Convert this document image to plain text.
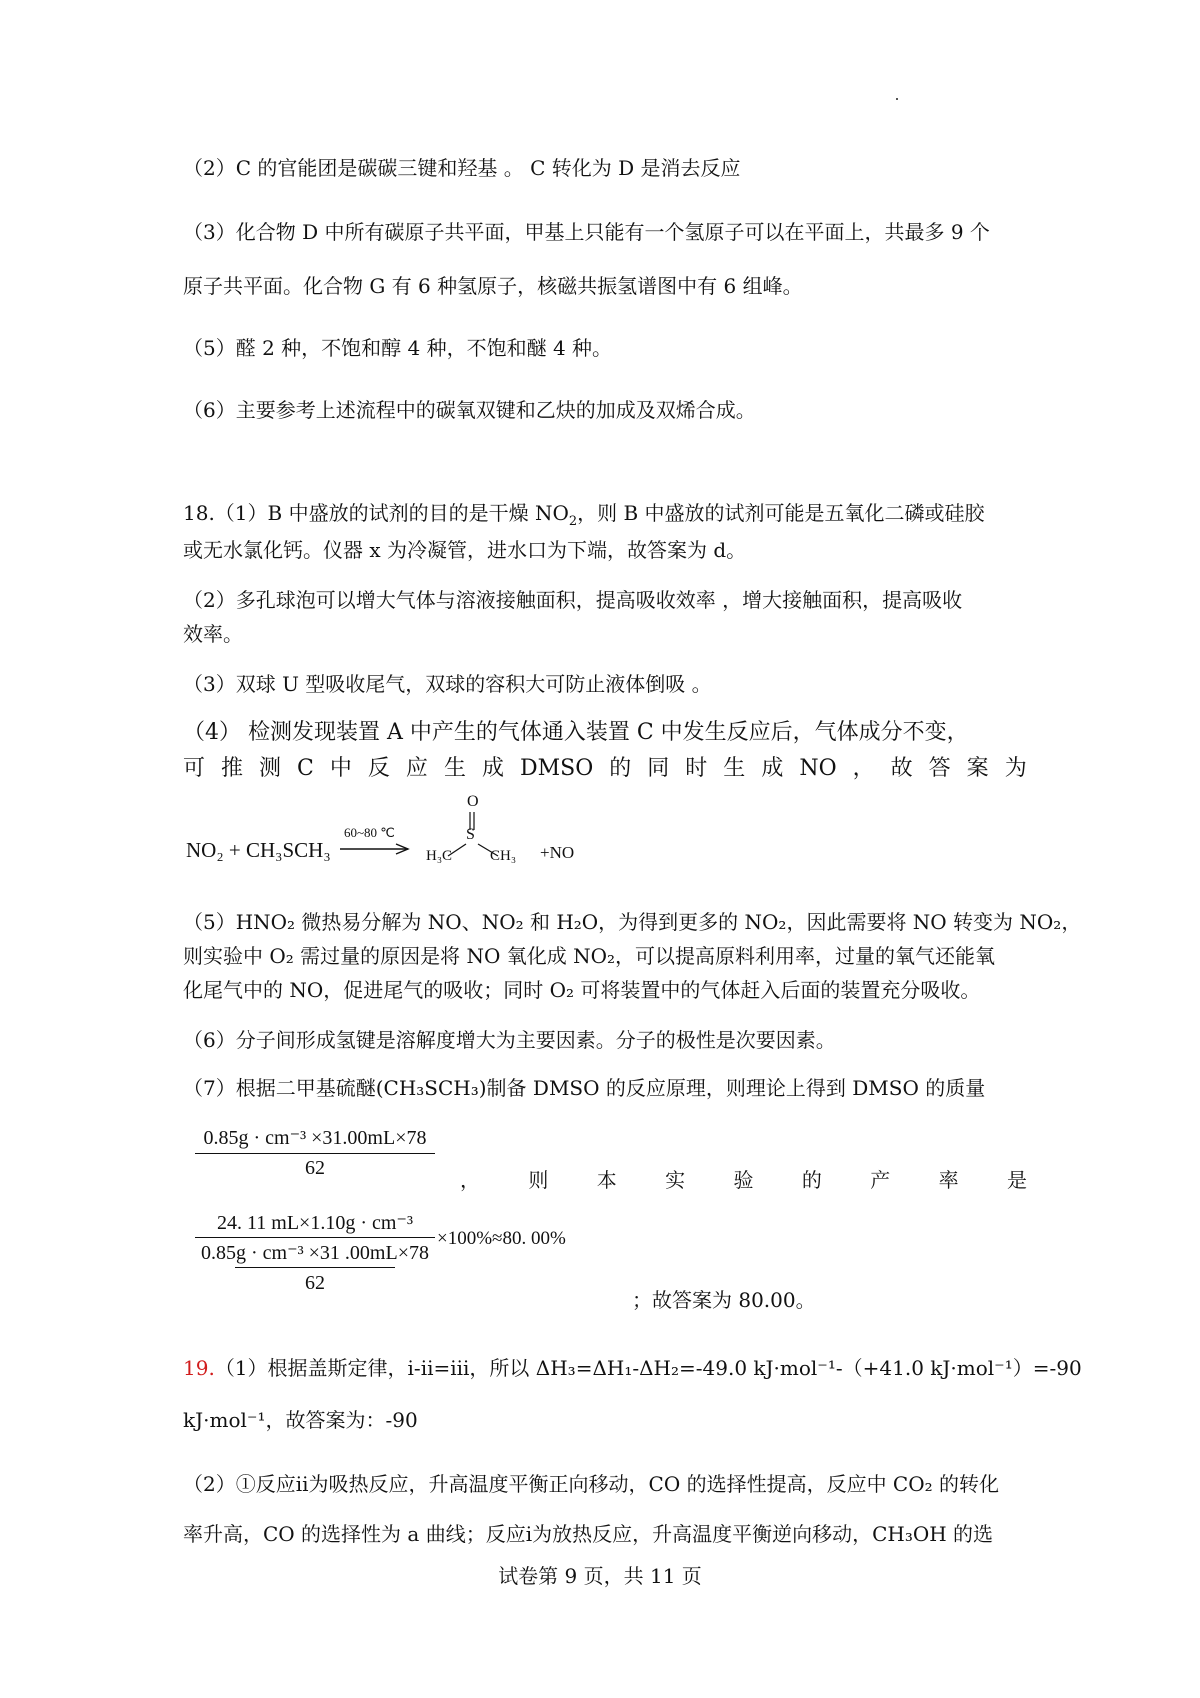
（2）C 的官能团是碳碳三键和羟基 。 C 转化为 D 是消去反应
（3）化合物 D 中所有碳原子共平面，甲基上只能有一个氢原子可以在平面上，共最多 9 个
原子共平面。化合物 G 有 6 种氢原子，核磁共振氢谱图中有 6 组峰。
（5）醛 2 种，不饱和醇 4 种，不饱和醚 4 种。
（6）主要参考上述流程中的碳氧双键和乙炔的加成及双烯合成。
18.（1）B 中盛放的试剂的目的是干燥 $NO_2$，则 B 中盛放的试剂可能是五氧化二磷或硅胶
或无水氯化钙。仪器 x 为冷凝管，进水口为下端，故答案为 d。
（2）多孔球泡可以增大气体与溶液接触面积，提高吸收效率 ，增大接触面积，提高吸收
效率。
（3）双球 U 型吸收尾气，双球的容积大可防止液体倒吸 。
（4） 检测发现装置 A 中产生的气体通入装置 C 中发生反应后，气体成分不变，
可 推 测 C 中 反 应 生 成 DMSO 的 同 时 生 成 NO ， 故 答 案 为
NO₂ + CH₃SCH₃
60~80 ℃
O
S
H₃C	CH₃ +NO
（5）HNO₂ 微热易分解为 NO、NO₂ 和 H₂O，为得到更多的 NO₂，因此需要将 NO 转变为 NO₂，
则实验中 O₂ 需过量的原因是将 NO 氧化成 NO₂，可以提高原料利用率，过量的氧气还能氧
化尾气中的 NO，促进尾气的吸收；同时 O₂ 可将装置中的气体赶入后面的装置充分吸收。
（6）分子间形成氢键是溶解度增大为主要因素。分子的极性是次要因素。
（7）根据二甲基硫醚(CH₃SCH₃)制备 DMSO 的反应原理，则理论上得到 DMSO 的质量
$\frac{\text{0.85g · cm⁻³ ×31.00mL×78}}{62}$ ， 则 本 实 验 的 产 率 是
24. 11 mL×1.10g · cm⁻³
0.85g · cm⁻³ ×31 .00mL×78
62 ×100%≈80. 00%
；故答案为 80.00。
19.（1）根据盖斯定律，i-ii=iii，所以 ΔH₃=ΔH₁-ΔH₂=-49.0 kJ·mol⁻¹-（+41.0 kJ·mol⁻¹）=-90
kJ·mol⁻¹，故答案为：-90
（2）①反应ii为吸热反应，升高温度平衡正向移动，CO 的选择性提高，反应中 CO₂ 的转化
率升高，CO 的选择性为 a 曲线；反应i为放热反应，升高温度平衡逆向移动，CH₃OH 的选
试卷第 9 页，共 11 页
